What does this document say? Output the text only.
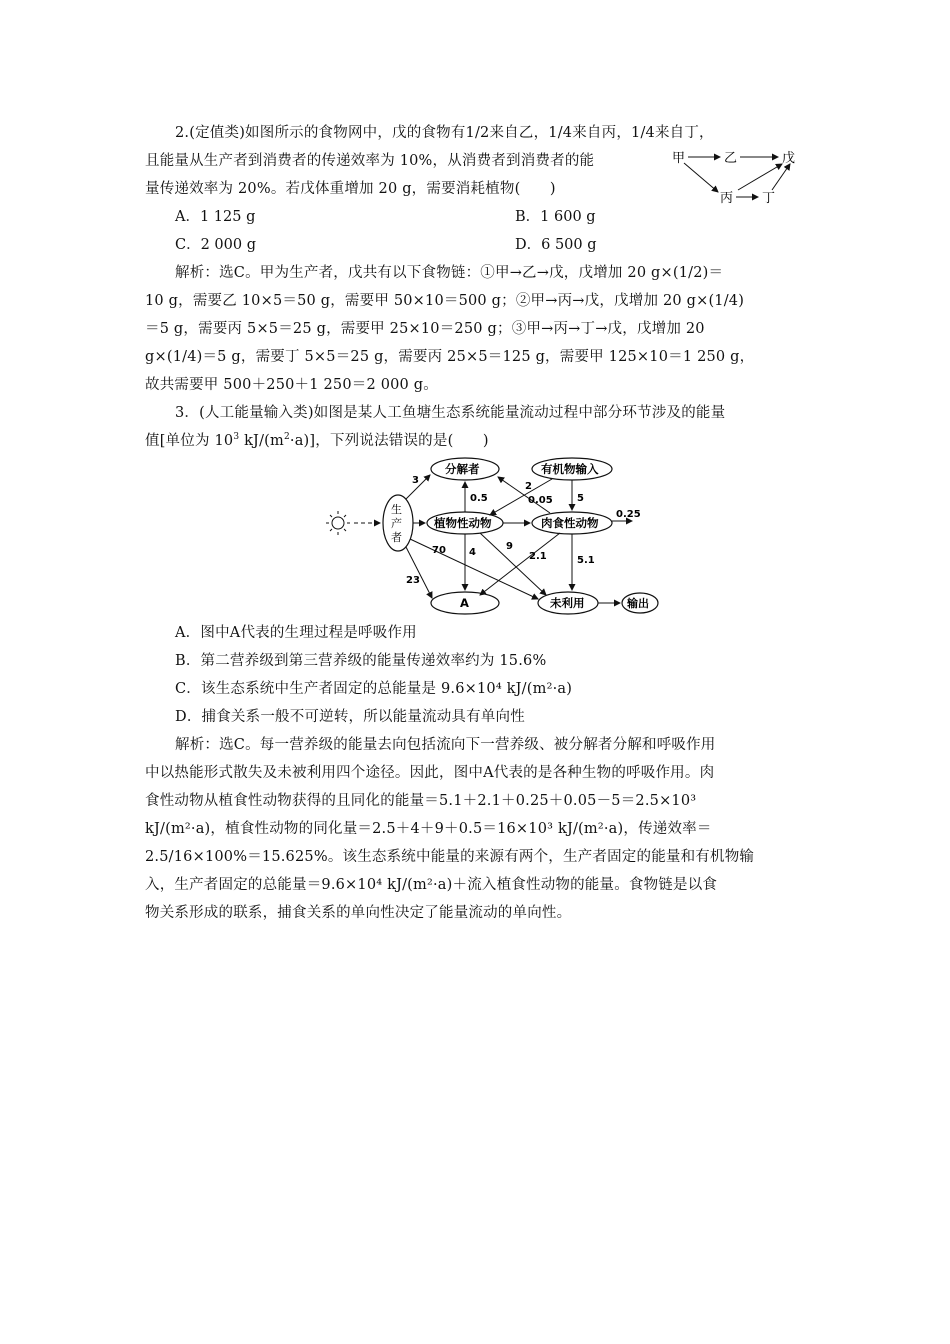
2.(定值类)如图所示的食物网中，戊的食物有1/2来自乙，1/4来自丙，1/4来自丁，
且能量从生产者到消费者的传递效率为 10%，从消费者到消费者的能
量传递效率为 20%。若戊体重增加 20 g，需要消耗植物(　　)
甲	乙	戊
丙 丁
A．1 125 g	B．1 600 g
C．2 000 g	D．6 500 g
解析：选C。甲为生产者，戊共有以下食物链：①甲→乙→戊，戊增加 20 g×(1/2)＝
10 g，需要乙 10×5＝50 g，需要甲 50×10＝500 g；②甲→丙→戊，戊增加 20 g×(1/4)
＝5 g，需要丙 5×5＝25 g，需要甲 25×10＝250 g；③甲→丙→丁→戊，戊增加 20
g×(1/4)＝5 g，需要丁 5×5＝25 g，需要丙 25×5＝125 g，需要甲 125×10＝1 250 g，
故共需要甲 500＋250＋1 250＝2 000 g。
3．(人工能量输入类)如图是某人工鱼塘生态系统能量流动过程中部分环节涉及的能量
值[单位为 $10^3$ $kJ/(m^2\cdot a)$]，下列说法错误的是(　　)
生
产
者
分解者	有机物输入
植物性动物	肉食性动物
A	未利用	输出
3
0.5
2
0.05 5
0.25
70 4
9
2.1	5.1
23
A．图中A代表的生理过程是呼吸作用
B．第二营养级到第三营养级的能量传递效率约为 15.6%
C．该生态系统中生产者固定的总能量是 9.6×10⁴ kJ/(m²·a)
D．捕食关系一般不可逆转，所以能量流动具有单向性
解析：选C。每一营养级的能量去向包括流向下一营养级、被分解者分解和呼吸作用
中以热能形式散失及未被利用四个途径。因此，图中A代表的是各种生物的呼吸作用。肉
食性动物从植食性动物获得的且同化的能量＝5.1＋2.1＋0.25＋0.05－5＝2.5×10³
kJ/(m²·a)，植食性动物的同化量＝2.5＋4＋9＋0.5＝16×10³ kJ/(m²·a)，传递效率＝
2.5/16×100%＝15.625%。该生态系统中能量的来源有两个，生产者固定的能量和有机物输
入，生产者固定的总能量＝9.6×10⁴ kJ/(m²·a)＋流入植食性动物的能量。食物链是以食
物关系形成的联系，捕食关系的单向性决定了能量流动的单向性。
